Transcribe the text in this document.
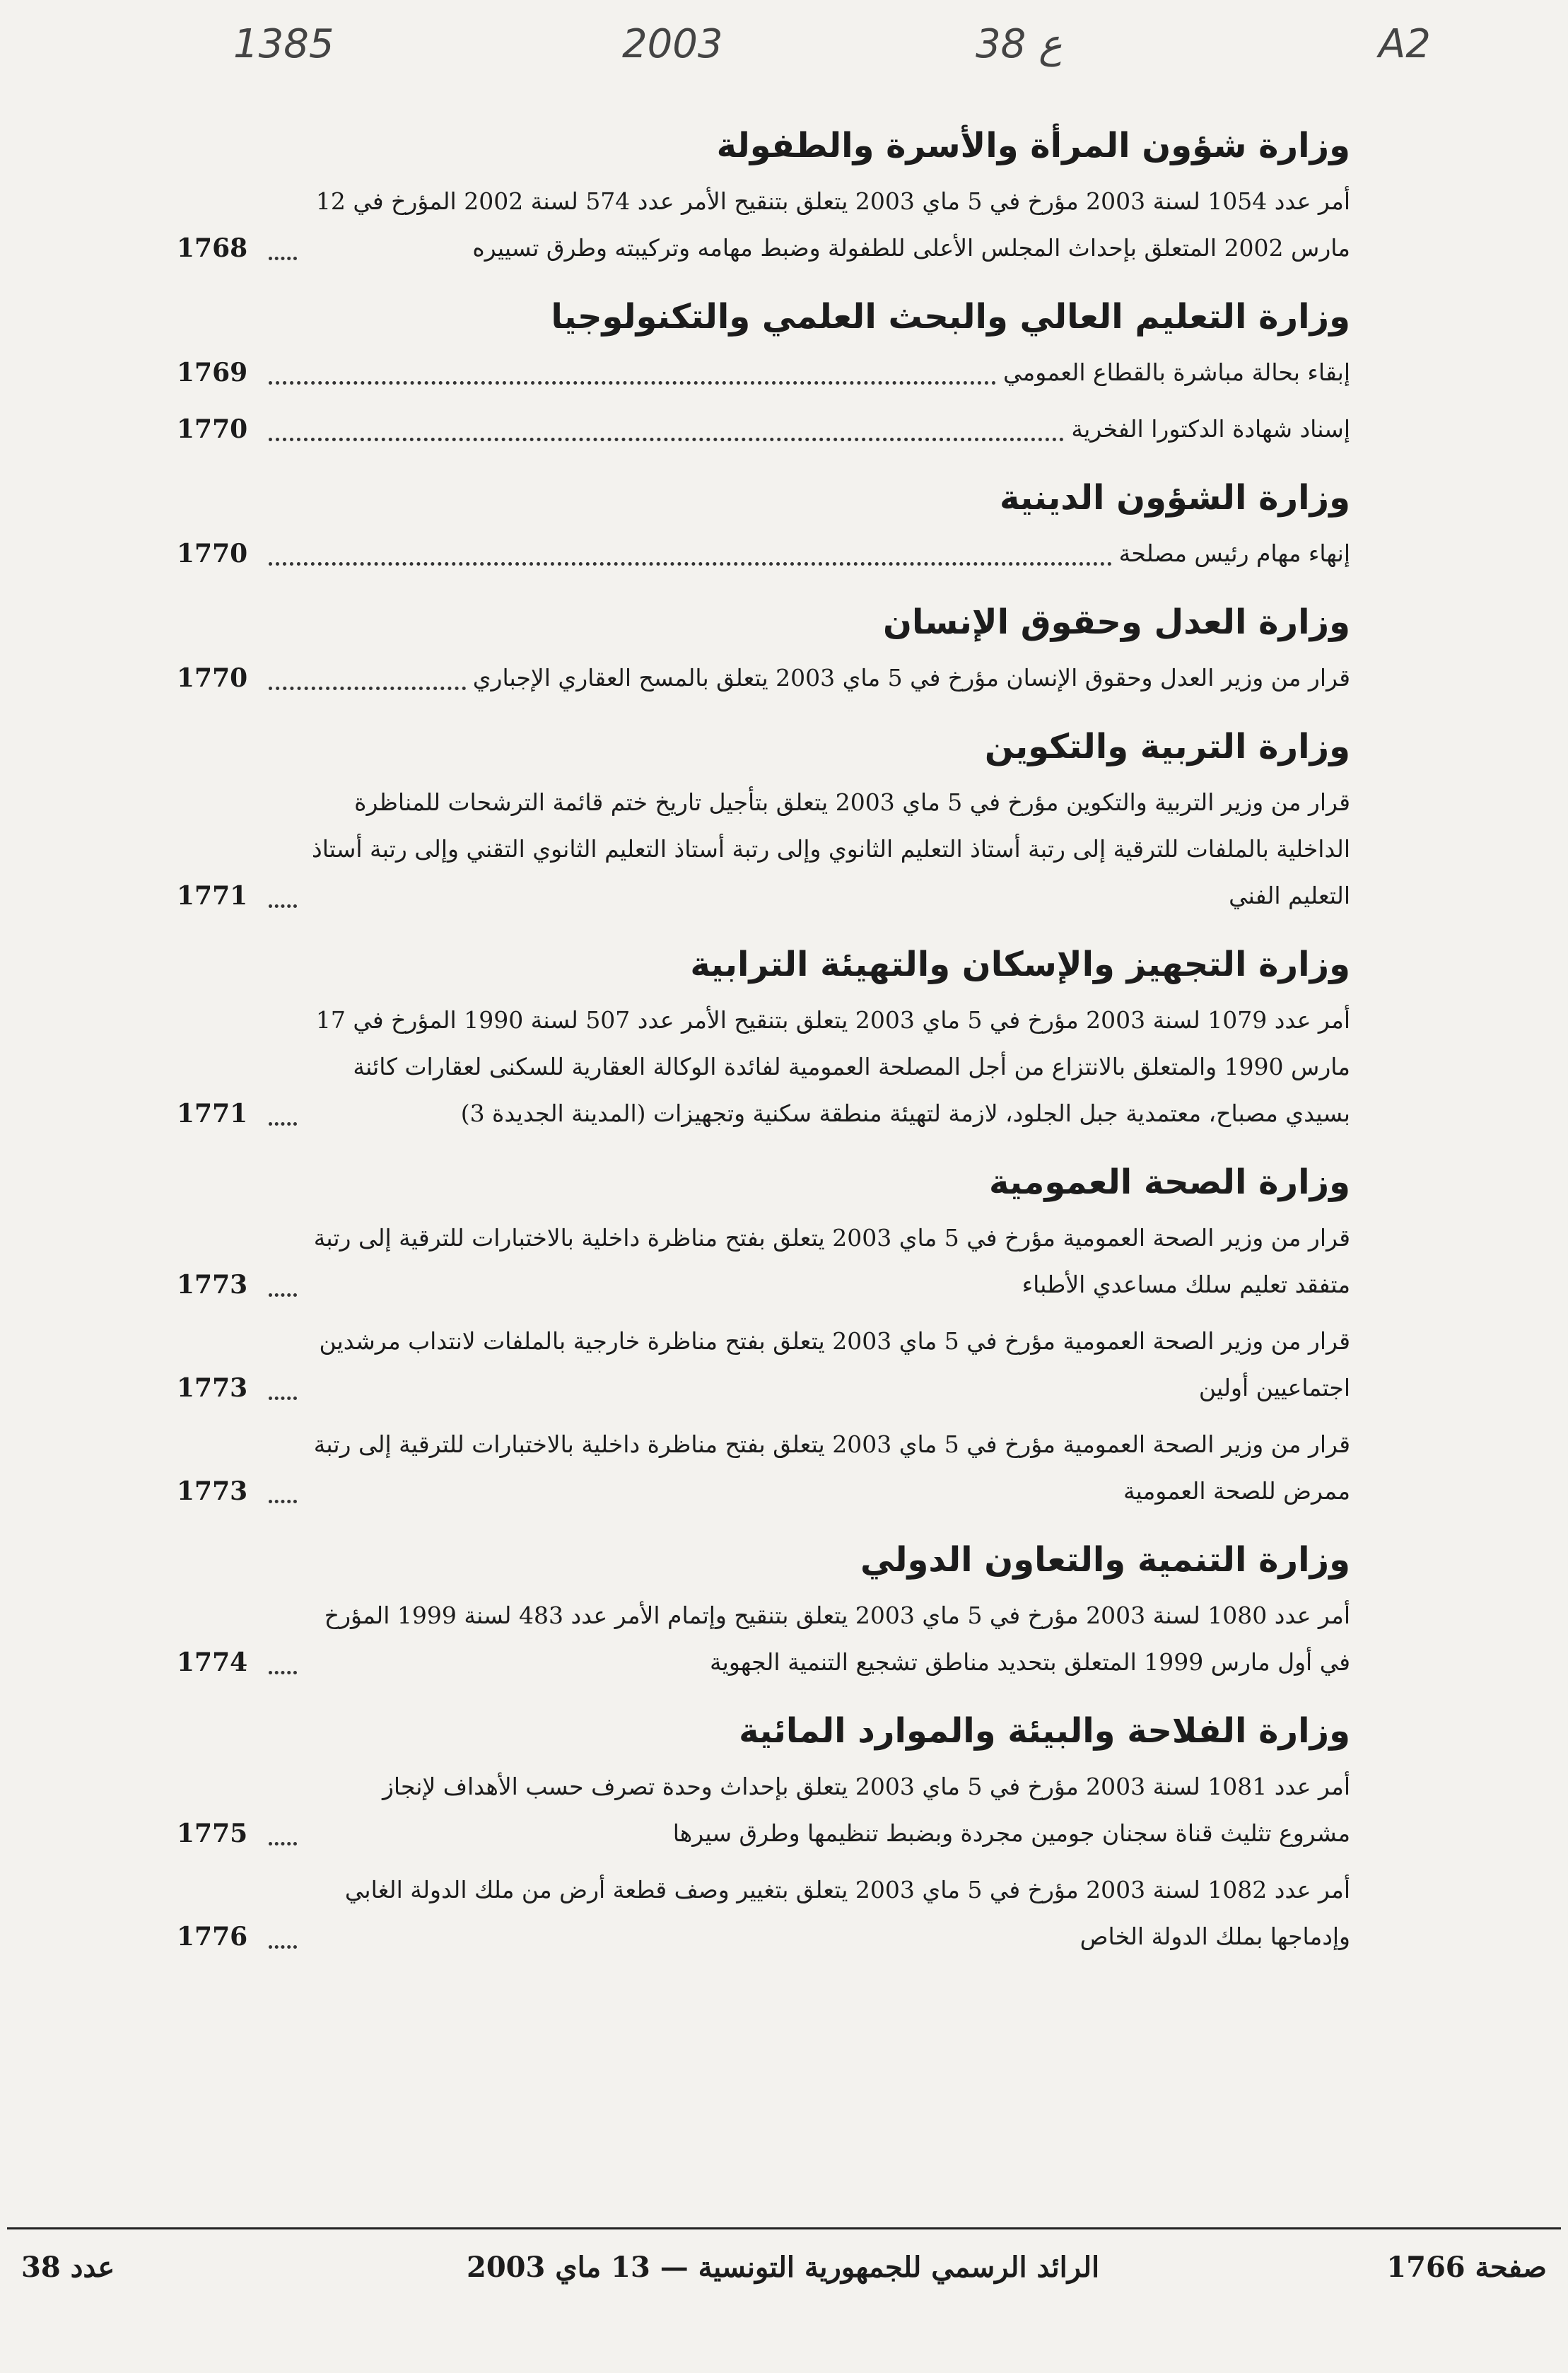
A2
38 ع
2003
1385
وزارة شؤون المرأة والأسرة والطفولة
أمر عدد 1054 لسنة 2003 مؤرخ في 5 ماي 2003 يتعلق بتنقيح الأمر عدد 574 لسنة 2002 المؤرخ في 12 مارس 2002 المتعلق بإحداث المجلس الأعلى للطفولة وضبط مهامه وتركيبته وطرق تسييره
1768
وزارة التعليم العالي والبحث العلمي والتكنولوجيا
إبقاء بحالة مباشرة بالقطاع العمومي
1769
إسناد شهادة الدكتورا الفخرية
1770
وزارة الشؤون الدينية
إنهاء مهام رئيس مصلحة
1770
وزارة العدل وحقوق الإنسان
قرار من وزير العدل وحقوق الإنسان مؤرخ في 5 ماي 2003 يتعلق بالمسح العقاري الإجباري
1770
وزارة التربية والتكوين
قرار من وزير التربية والتكوين مؤرخ في 5 ماي 2003 يتعلق بتأجيل تاريخ ختم قائمة الترشحات للمناظرة الداخلية بالملفات للترقية إلى رتبة أستاذ التعليم الثانوي وإلى رتبة أستاذ التعليم الثانوي التقني وإلى رتبة أستاذ التعليم الفني
1771
وزارة التجهيز والإسكان والتهيئة الترابية
أمر عدد 1079 لسنة 2003 مؤرخ في 5 ماي 2003 يتعلق بتنقيح الأمر عدد 507 لسنة 1990 المؤرخ في 17 مارس 1990 والمتعلق بالانتزاع من أجل المصلحة العمومية لفائدة الوكالة العقارية للسكنى لعقارات كائنة بسيدي مصباح، معتمدية جبل الجلود، لازمة لتهيئة منطقة سكنية وتجهيزات (المدينة الجديدة 3)
1771
وزارة الصحة العمومية
قرار من وزير الصحة العمومية مؤرخ في 5 ماي 2003 يتعلق بفتح مناظرة داخلية بالاختبارات للترقية إلى رتبة متفقد تعليم سلك مساعدي الأطباء
1773
قرار من وزير الصحة العمومية مؤرخ في 5 ماي 2003 يتعلق بفتح مناظرة خارجية بالملفات لانتداب مرشدين اجتماعيين أولين
1773
قرار من وزير الصحة العمومية مؤرخ في 5 ماي 2003 يتعلق بفتح مناظرة داخلية بالاختبارات للترقية إلى رتبة ممرض للصحة العمومية
1773
وزارة التنمية والتعاون الدولي
أمر عدد 1080 لسنة 2003 مؤرخ في 5 ماي 2003 يتعلق بتنقيح وإتمام الأمر عدد 483 لسنة 1999 المؤرخ في أول مارس 1999 المتعلق بتحديد مناطق تشجيع التنمية الجهوية
1774
وزارة الفلاحة والبيئة والموارد المائية
أمر عدد 1081 لسنة 2003 مؤرخ في 5 ماي 2003 يتعلق بإحداث وحدة تصرف حسب الأهداف لإنجاز مشروع تثليث قناة سجنان جومين مجردة وبضبط تنظيمها وطرق سيرها
1775
أمر عدد 1082 لسنة 2003 مؤرخ في 5 ماي 2003 يتعلق بتغيير وصف قطعة أرض من ملك الدولة الغابي وإدماجها بملك الدولة الخاص
1776
عدد 38	الرائد الرسمي للجمهورية التونسية — 13 ماي 2003	صفحة 1766
